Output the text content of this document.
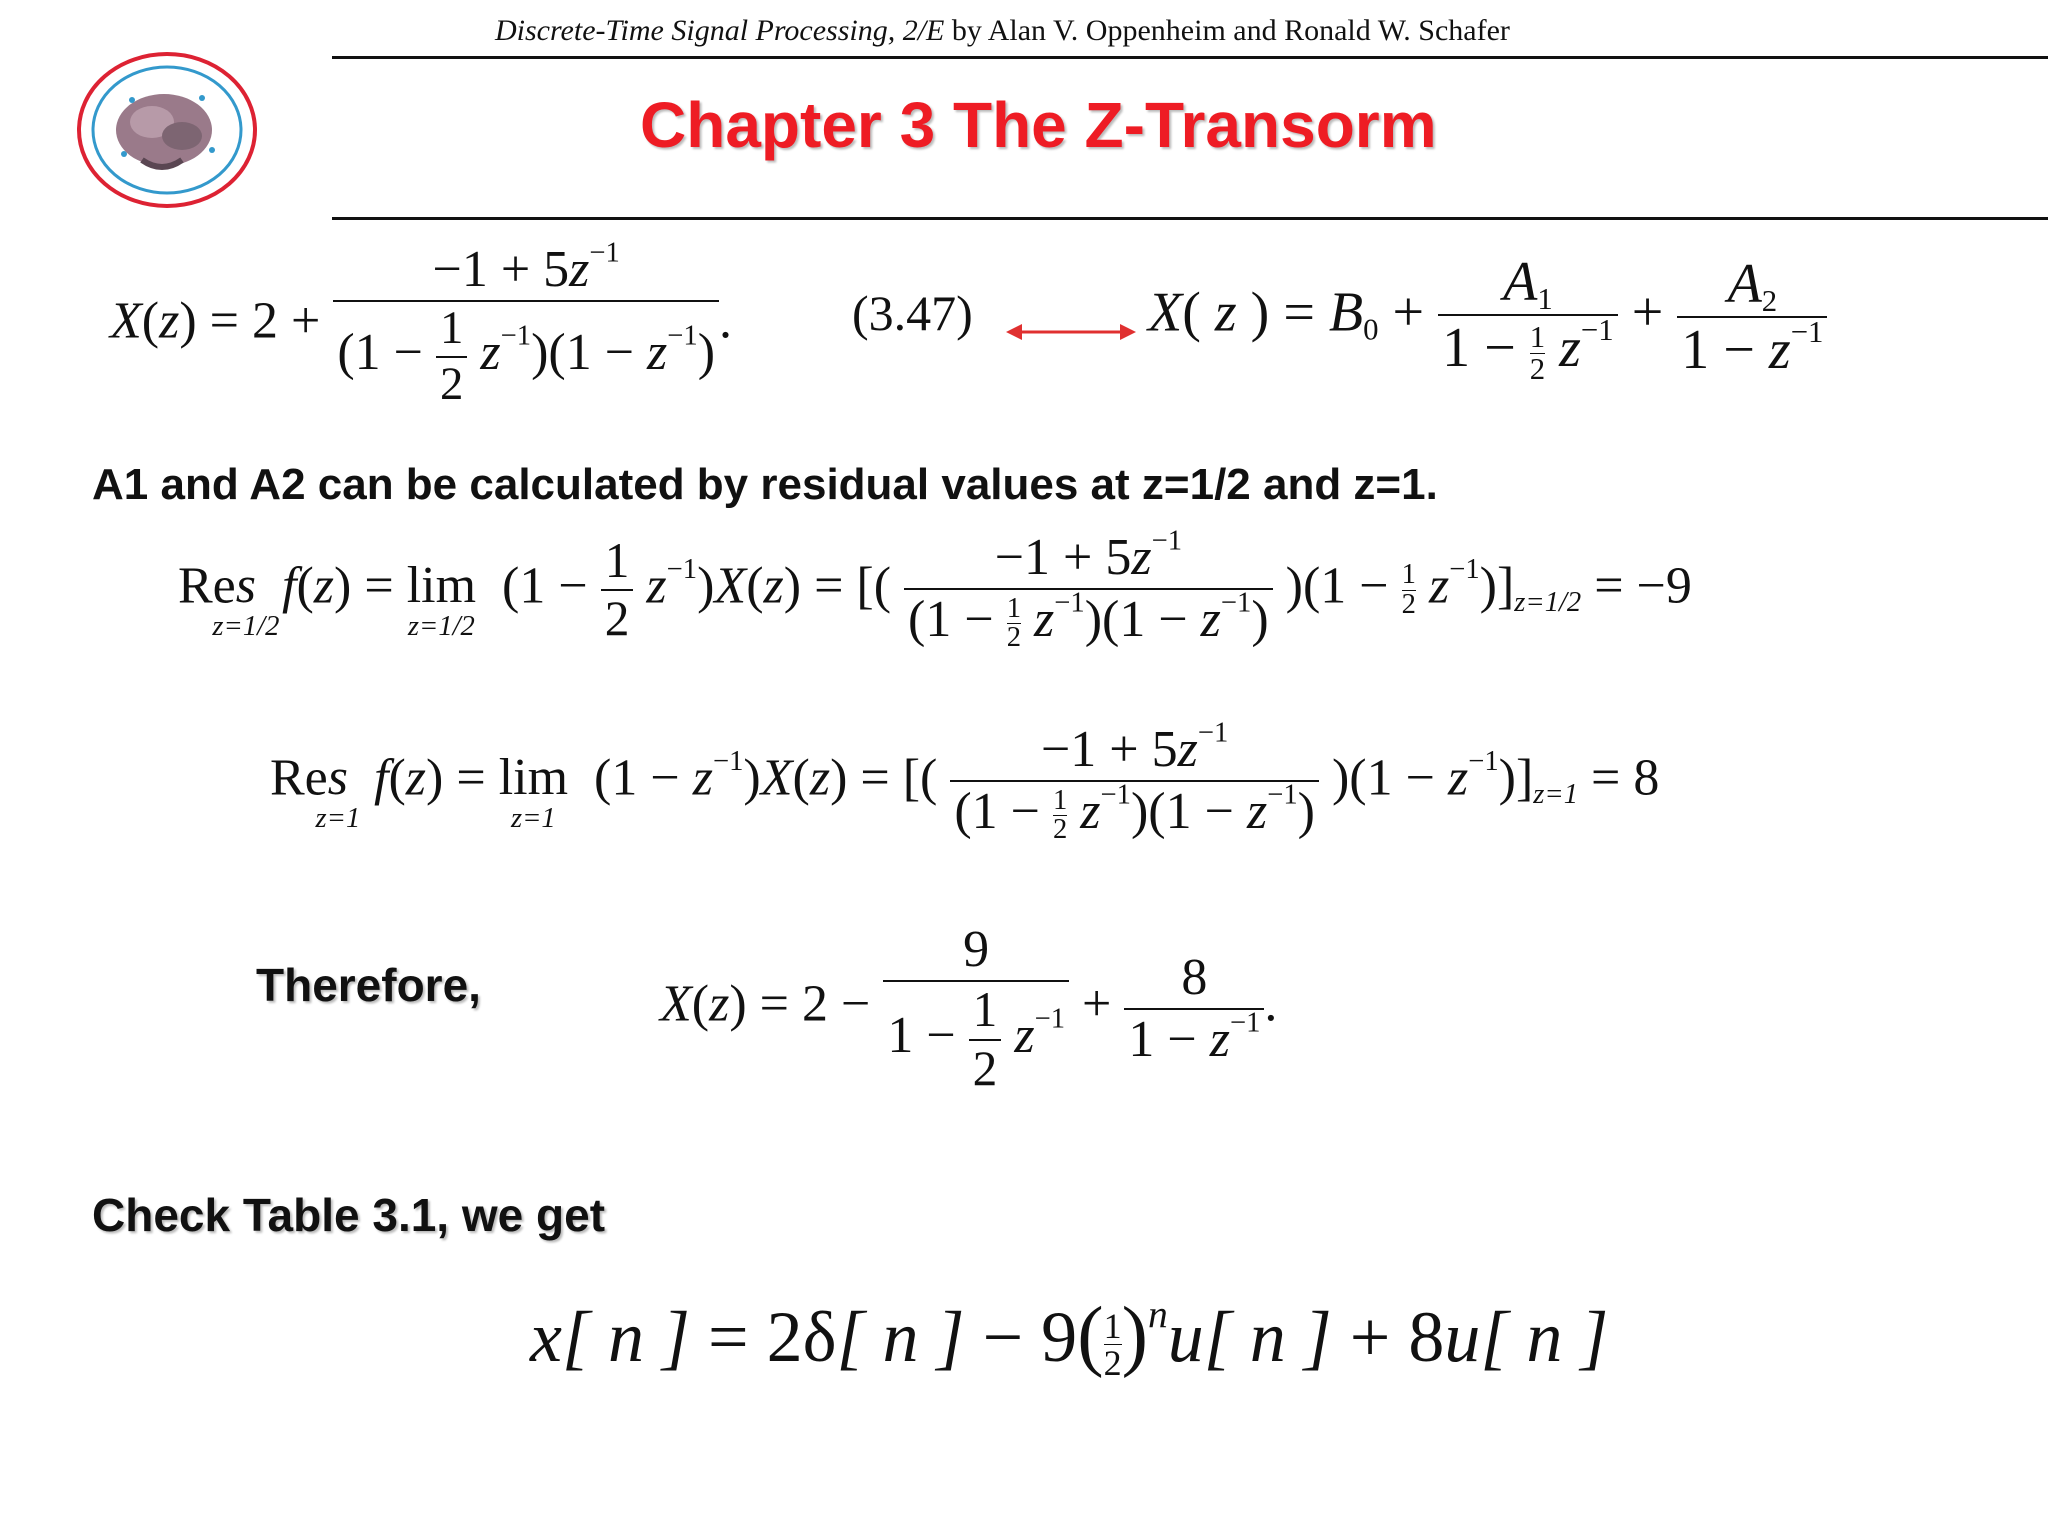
Discrete-Time Signal Processing, 2/E by Alan V. Oppenheim and Ronald W. Schafer
Chapter 3 The Z-Transorm
$X(z) = 2 + \frac{-1 + 5z^{-1}}{(1 - \frac{1}{2} z^{-1})(1 - z^{-1})}$ . (3.47)	X( z ) = $B_0 + \frac{A_1}{1 - \frac{1}{2} z^{-1}} + \frac{A_2}{1 - z^{-1}}$
A1 and A2 can be calculated by residual values at z=1/2 and z=1.
Res
z=1/2
f(z) = lim
z=1/2
$(1 - \frac{1}{2} z^{-1})X(z)$ = [( $\frac{-1 + 5z^{-1}}{(1 - \frac{1}{2} z^{-1})(1 - z^{-1})} )(1 - \frac{1}{2} z^{-1})]_{z=1/2} = -9$
Res
z=1
f(z) = lim
z=1
$(1 - z^{-1})X(z)$ = [( $\frac{-1 + 5z^{-1}}{(1 - \frac{1}{2} z^{-1})(1 - z^{-1})} )(1 - z^{-1})]_{z=1} = 8$
Therefore,	$X(z) = 2 - \frac{9}{1 - \frac{1}{2} z^{-1}} + \frac{8}{1 - z^{-1}}$ .
Check Table 3.1, we get
x[ n ] = 2δ[ n ] − $9( \frac{1}{2} )^nu$[ n ] + 8u[ n ]
